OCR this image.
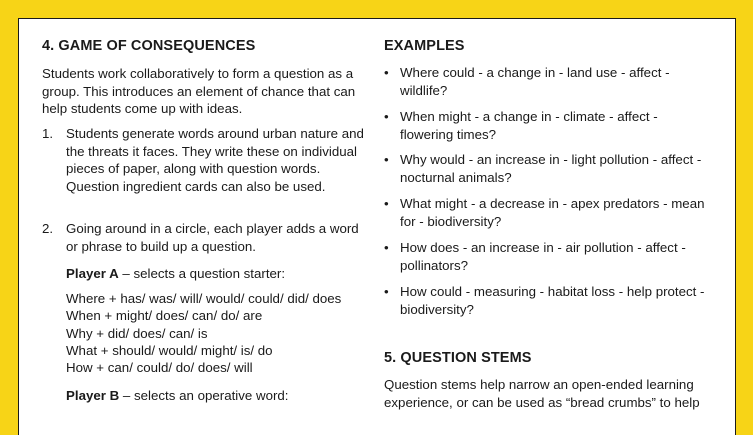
4. GAME OF CONSEQUENCES

Students work collaboratively to form a question as a group. This introduces an element of chance that can help students come up with ideas.

1. Students generate words around urban nature and the threats it faces. They write these on individual pieces of paper, along with question words. Question ingredient cards can also be used.
2. Going around in a circle, each player adds a word or phrase to build up a question.

Player A – selects a question starter:

Where + has/ was/ will/ would/ could/ did/ does
When + might/ does/ can/ do/ are
Why + did/ does/ can/ is
What + should/ would/ might/ is/ do
How + can/ could/ do/ does/ will

Player B – selects an operative word:

EXAMPLES
• Where could - a change in - land use - affect - wildlife?
• When might - a change in - climate - affect - flowering times?
• Why would - an increase in - light pollution - affect - nocturnal animals?
• What might - a decrease in - apex predators - mean for - biodiversity?
• How does - an increase in - air pollution - affect - pollinators?
• How could - measuring - habitat loss - help protect - biodiversity?
5. QUESTION STEMS

Question stems help narrow an open-ended learning experience, or can be used as “bread crumbs” to help
